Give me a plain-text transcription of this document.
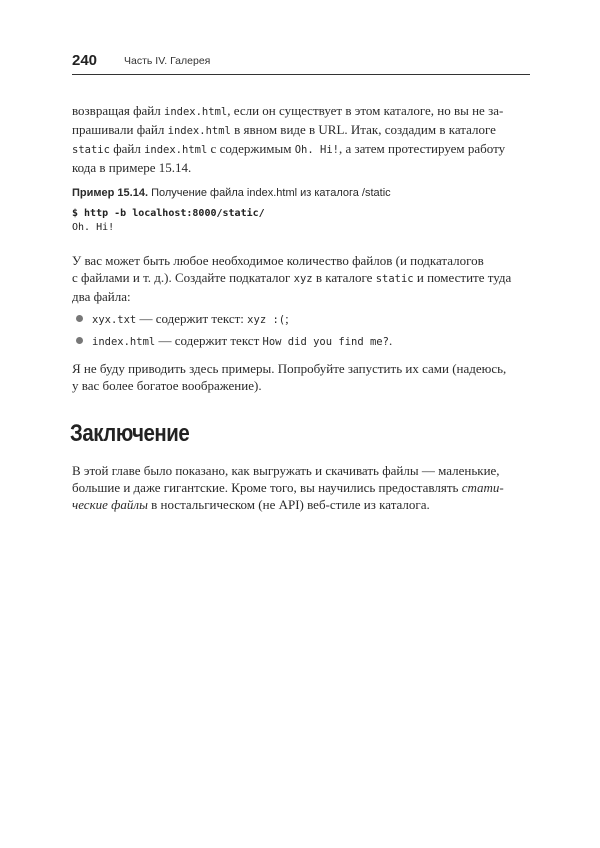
240	Часть IV. Галерея
возвращая файл index.html, если он существует в этом каталоге, но вы не за-
прашивали файл index.html в явном виде в URL. Итак, создадим в каталоге
static файл index.html с содержимым Oh. Hi!, а затем протестируем работу
кода в примере 15.14.
Пример 15.14. Получение файла index.html из каталога /static
$ http -b localhost:8000/static/
Oh. Hi!
У вас может быть любое необходимое количество файлов (и подкаталогов
с файлами и т. д.). Создайте подкаталог xyz в каталоге static и поместите туда
два файла:
xyx.txt — содержит текст: xyz :(;
index.html — содержит текст How did you find me?.
Я не буду приводить здесь примеры. Попробуйте запустить их сами (надеюсь,
у вас более богатое воображение).
Заключение
В этой главе было показано, как выгружать и скачивать файлы — маленькие,
большие и даже гигантские. Кроме того, вы научились предоставлять стати-
ческие файлы в ностальгическом (не API) веб-стиле из каталога.
